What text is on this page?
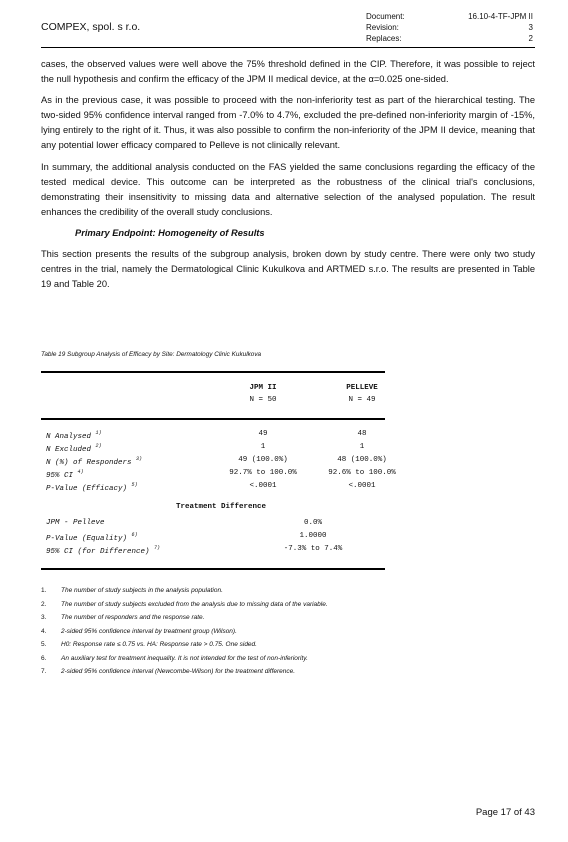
COMPEX, spol. s r.o.
Document:	16.10-4-TF-JPM II
Revision:	3
Replaces:	2

cases, the observed values were well above the 75% threshold defined in the CIP. Therefore, it was possible to reject the null hypothesis and confirm the efficacy of the JPM II medical device, at the α=0.025 one-sided.

As in the previous case, it was possible to proceed with the non-inferiority test as part of the hierarchical testing. The two-sided 95% confidence interval ranged from -7.0% to 4.7%, excluded the pre-defined non-inferiority margin of -15%, lying entirely to the right of it. Thus, it was also possible to confirm the non-inferiority of the JPM II device, meaning that any potential lower efficacy compared to Pelleve is not clinically relevant.

In summary, the additional analysis conducted on the FAS yielded the same conclusions regarding the efficacy of the tested medical device. This outcome can be interpreted as the robustness of the clinical trial's conclusions, demonstrating their insensitivity to missing data and alternative selection of the analysed population. The result enhances the credibility of the overall study conclusions.

Primary Endpoint: Homogeneity of Results

This section presents the results of the subgroup analysis, broken down by study centre. There were only two study centres in the trial, namely the Dermatological Clinic Kukulkova and ARTMED s.r.o. The results are presented in Table 19 and Table 20.

Table 19 Subgroup Analysis of Efficacy by Site: Dermatology Clinic Kukulkova
JPM II	PELLEVE
N = 50	N = 49
N Analysed $^{1)}$	49	48
N Excluded $^{2)}$	1	1
N (%) of Responders $^{3)}$	49 (100.0%)	48 (100.0%)
95% CI $^{4)}$	92.7% to 100.0%	92.6% to 100.0%
P-Value (Efficacy) $^{5)}$	<.0001	<.0001
Treatment Difference
JPM - Pelleve	0.0%
P-Value (Equality) $^{6)}$	1.0000
95% CI (for Difference) $^{7)}$	-7.3% to 7.4%
1.	The number of study subjects in the analysis population.
2.	The number of study subjects excluded from the analysis due to missing data of the variable.
3.	The number of responders and the response rate.
4.	2-sided 95% confidence interval by treatment group (Wilson).
5.	H0: Response rate ≤ 0.75 vs. HA: Response rate > 0.75. One sided.
6.	An auxiliary test for treatment inequality. It is not intended for the test of non-inferiority.
7.	2-sided 95% confidence interval (Newcombe-Wilson) for the treatment difference.
Page 17 of 43
